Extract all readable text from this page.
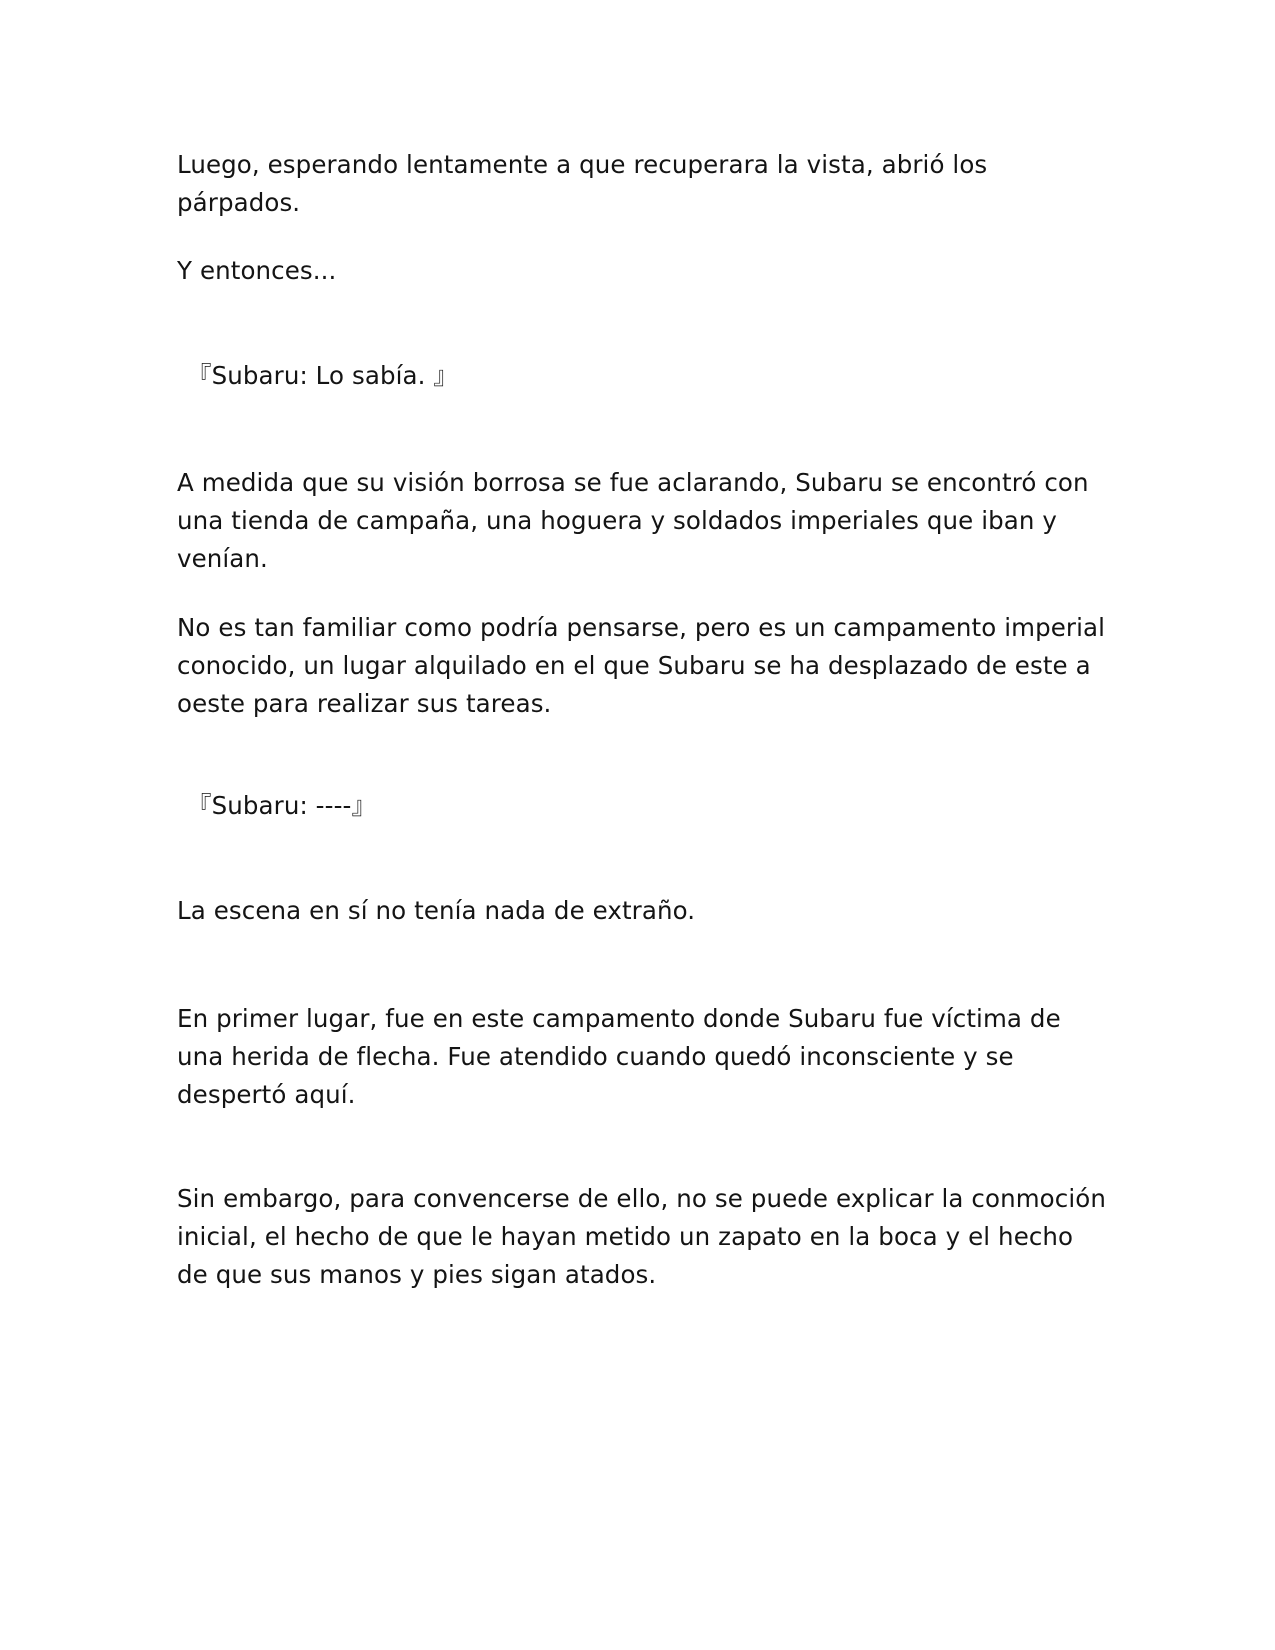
Luego, esperando lentamente a que recuperara la vista, abrió los párpados.

Y entonces...

『Subaru: Lo sabía. 』

A medida que su visión borrosa se fue aclarando, Subaru se encontró con una tienda de campaña, una hoguera y soldados imperiales que iban y venían.

No es tan familiar como podría pensarse, pero es un campamento imperial conocido, un lugar alquilado en el que Subaru se ha desplazado de este a oeste para realizar sus tareas.

『Subaru: ----』

La escena en sí no tenía nada de extraño.

En primer lugar, fue en este campamento donde Subaru fue víctima de una herida de flecha. Fue atendido cuando quedó inconsciente y se despertó aquí.

Sin embargo, para convencerse de ello, no se puede explicar la conmoción inicial, el hecho de que le hayan metido un zapato en la boca y el hecho de que sus manos y pies sigan atados.
